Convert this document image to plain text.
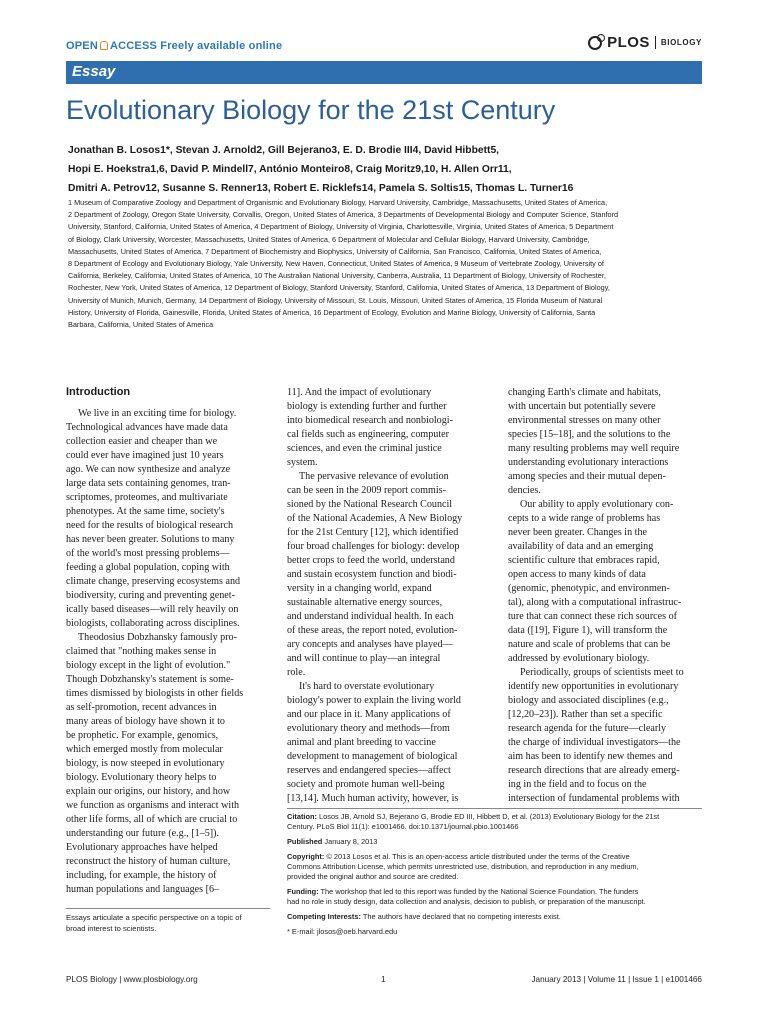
OPEN ACCESS Freely available online	PLOS BIOLOGY
Essay
Evolutionary Biology for the 21st Century
Jonathan B. Losos1*, Stevan J. Arnold2, Gill Bejerano3, E. D. Brodie III4, David Hibbett5,
Hopi E. Hoekstra1,6, David P. Mindell7, António Monteiro8, Craig Moritz9,10, H. Allen Orr11,
Dmitri A. Petrov12, Susanne S. Renner13, Robert E. Ricklefs14, Pamela S. Soltis15, Thomas L. Turner16
1 Museum of Comparative Zoology and Department of Organismic and Evolutionary Biology, Harvard University, Cambridge, Massachusetts, United States of America,
2 Department of Zoology, Oregon State University, Corvallis, Oregon, United States of America, 3 Departments of Developmental Biology and Computer Science, Stanford
University, Stanford, California, United States of America, 4 Department of Biology, University of Virginia, Charlottesville, Virginia, United States of America, 5 Department
of Biology, Clark University, Worcester, Massachusetts, United States of America, 6 Department of Molecular and Cellular Biology, Harvard University, Cambridge,
Massachusetts, United States of America, 7 Department of Biochemistry and Biophysics, University of California, San Francisco, California, United States of America,
8 Department of Ecology and Evolutionary Biology, Yale University, New Haven, Connecticut, United States of America, 9 Museum of Vertebrate Zoology, University of
California, Berkeley, California, United States of America, 10 The Australian National University, Canberra, Australia, 11 Department of Biology, University of Rochester,
Rochester, New York, United States of America, 12 Department of Biology, Stanford University, Stanford, California, United States of America, 13 Department of Biology,
University of Munich, Munich, Germany, 14 Department of Biology, University of Missouri, St. Louis, Missouri, United States of America, 15 Florida Museum of Natural
History, University of Florida, Gainesville, Florida, United States of America, 16 Department of Ecology, Evolution and Marine Biology, University of California, Santa
Barbara, California, United States of America
Introduction
We live in an exciting time for biology.
Technological advances have made data
collection easier and cheaper than we
could ever have imagined just 10 years
ago. We can now synthesize and analyze
large data sets containing genomes, tran-
scriptomes, proteomes, and multivariate
phenotypes. At the same time, society's
need for the results of biological research
has never been greater. Solutions to many
of the world's most pressing problems—
feeding a global population, coping with
climate change, preserving ecosystems and
biodiversity, curing and preventing genet-
ically based diseases—will rely heavily on
biologists, collaborating across disciplines.
Theodosius Dobzhansky famously pro-
claimed that "nothing makes sense in
biology except in the light of evolution."
Though Dobzhansky's statement is some-
times dismissed by biologists in other fields
as self-promotion, recent advances in
many areas of biology have shown it to
be prophetic. For example, genomics,
which emerged mostly from molecular
biology, is now steeped in evolutionary
biology. Evolutionary theory helps to
explain our origins, our history, and how
we function as organisms and interact with
other life forms, all of which are crucial to
understanding our future (e.g., [1–5]).
Evolutionary approaches have helped
reconstruct the history of human culture,
including, for example, the history of
human populations and languages [6–
11]. And the impact of evolutionary
biology is extending further and further
into biomedical research and nonbiologi-
cal fields such as engineering, computer
sciences, and even the criminal justice
system.
The pervasive relevance of evolution
can be seen in the 2009 report commis-
sioned by the National Research Council
of the National Academies, A New Biology
for the 21st Century [12], which identified
four broad challenges for biology: develop
better crops to feed the world, understand
and sustain ecosystem function and biodi-
versity in a changing world, expand
sustainable alternative energy sources,
and understand individual health. In each
of these areas, the report noted, evolution-
ary concepts and analyses have played—
and will continue to play—an integral
role.
It's hard to overstate evolutionary
biology's power to explain the living world
and our place in it. Many applications of
evolutionary theory and methods—from
animal and plant breeding to vaccine
development to management of biological
reserves and endangered species—affect
society and promote human well-being
[13,14]. Much human activity, however, is
changing Earth's climate and habitats,
with uncertain but potentially severe
environmental stresses on many other
species [15–18], and the solutions to the
many resulting problems may well require
understanding evolutionary interactions
among species and their mutual depen-
dencies.
Our ability to apply evolutionary con-
cepts to a wide range of problems has
never been greater. Changes in the
availability of data and an emerging
scientific culture that embraces rapid,
open access to many kinds of data
(genomic, phenotypic, and environmen-
tal), along with a computational infrastruc-
ture that can connect these rich sources of
data ([19], Figure 1), will transform the
nature and scale of problems that can be
addressed by evolutionary biology.
Periodically, groups of scientists meet to
identify new opportunities in evolutionary
biology and associated disciplines (e.g.,
[12,20–23]). Rather than set a specific
research agenda for the future—clearly
the charge of individual investigators—the
aim has been to identify new themes and
research directions that are already emerg-
ing in the field and to focus on the
intersection of fundamental problems with
Citation: Losos JB, Arnold SJ, Bejerano G, Brodie ED III, Hibbett D, et al. (2013) Evolutionary Biology for the 21st
Century. PLoS Biol 11(1): e1001466. doi:10.1371/journal.pbio.1001466
Published January 8, 2013
Copyright: © 2013 Losos et al. This is an open-access article distributed under the terms of the Creative
Commons Attribution License, which permits unrestricted use, distribution, and reproduction in any medium,
provided the original author and source are credited.
Funding: The workshop that led to this report was funded by the National Science Foundation. The funders
had no role in study design, data collection and analysis, decision to publish, or preparation of the manuscript.
Competing Interests: The authors have declared that no competing interests exist.
* E-mail: jlosos@oeb.harvard.edu
Essays articulate a specific perspective on a topic of
broad interest to scientists.
PLOS Biology | www.plosbiology.org	1	January 2013 | Volume 11 | Issue 1 | e1001466
